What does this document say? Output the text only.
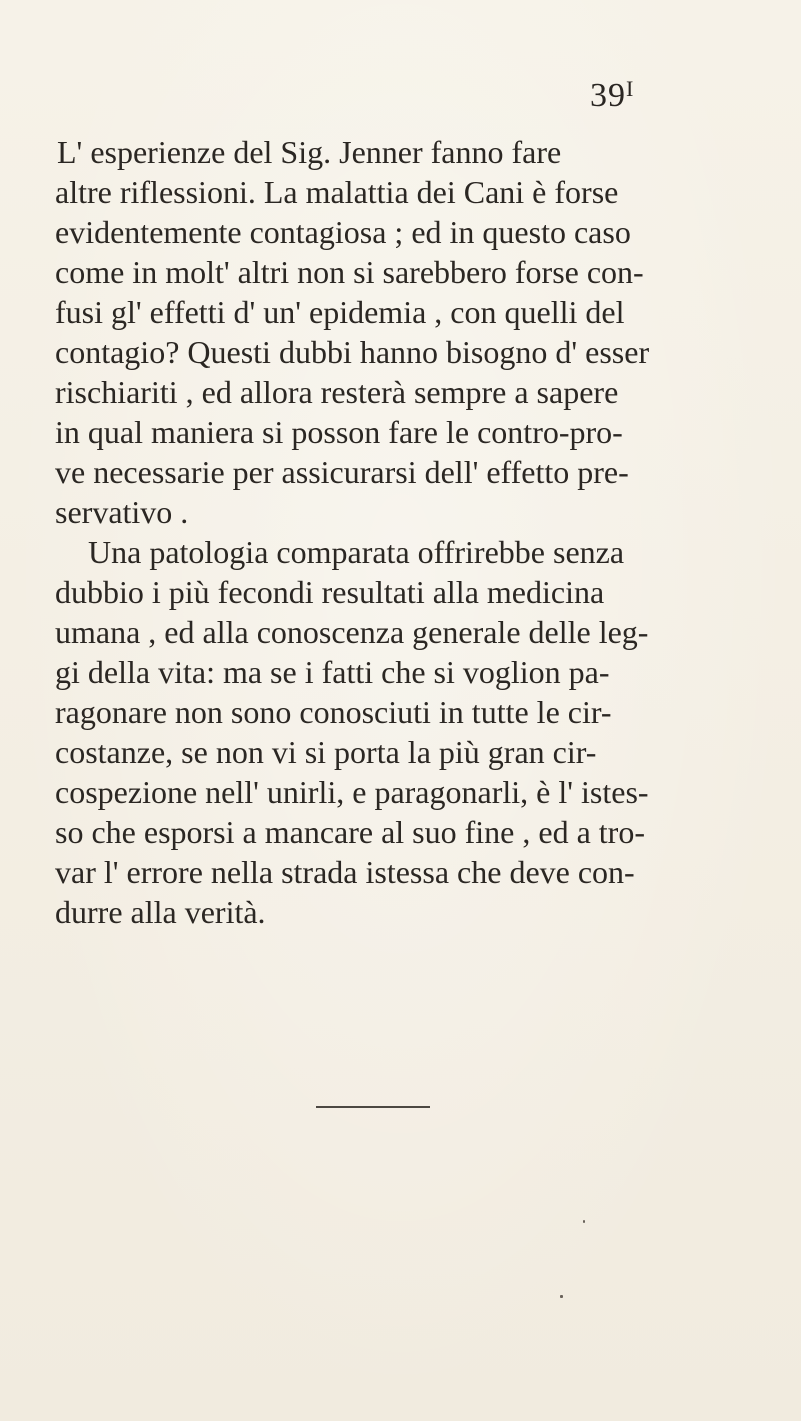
$39^I$
L' esperienze del Sig. Jenner fanno fare
altre riflessioni. La malattia dei Cani è forse
evidentemente contagiosa ; ed in questo caso
come in molt' altri non si sarebbero forse con-
fusi gl' effetti d' un' epidemia , con quelli del
contagio? Questi dubbi hanno bisogno d' esser
rischiariti , ed allora resterà sempre a sapere
in qual maniera si posson fare le contro-pro-
ve necessarie per assicurarsi dell' effetto pre-
servativo .
Una patologia comparata offrirebbe senza
dubbio i più fecondi resultati alla medicina
umana , ed alla conoscenza generale delle leg-
gi della vita: ma se i fatti che si voglion pa-
ragonare non sono conosciuti in tutte le cir-
costanze, se non vi si porta la più gran cir-
cospezione nell' unirli, e paragonarli, è l' istes-
so che esporsi a mancare al suo fine , ed a tro-
var l' errore nella strada istessa che deve con-
durre alla verità.
